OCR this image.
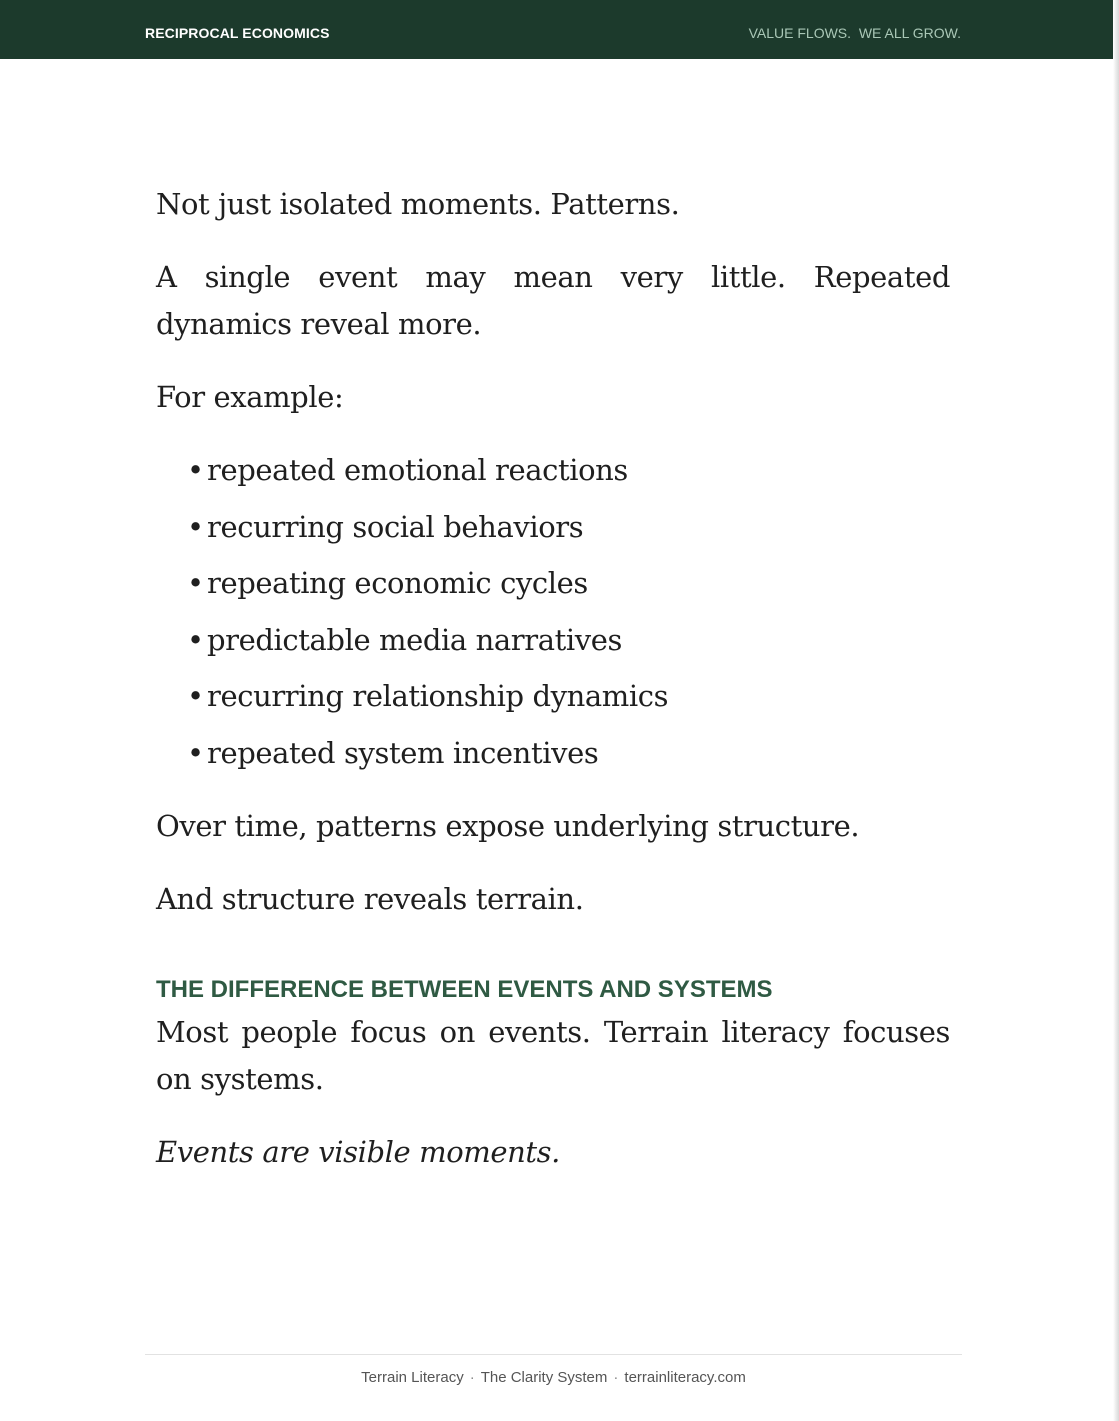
RECIPROCAL ECONOMICS	VALUE FLOWS.  WE ALL GROW.

Not just isolated moments. Patterns.

A single event may mean very little. Repeated dynamics reveal more.

For example:

• repeated emotional reactions
• recurring social behaviors
• repeating economic cycles
• predictable media narratives
• recurring relationship dynamics
• repeated system incentives

Over time, patterns expose underlying structure.

And structure reveals terrain.

THE DIFFERENCE BETWEEN EVENTS AND SYSTEMS

Most people focus on events. Terrain literacy focuses on systems.

Events are visible moments.

Terrain Literacy · The Clarity System · terrainliteracy.com
